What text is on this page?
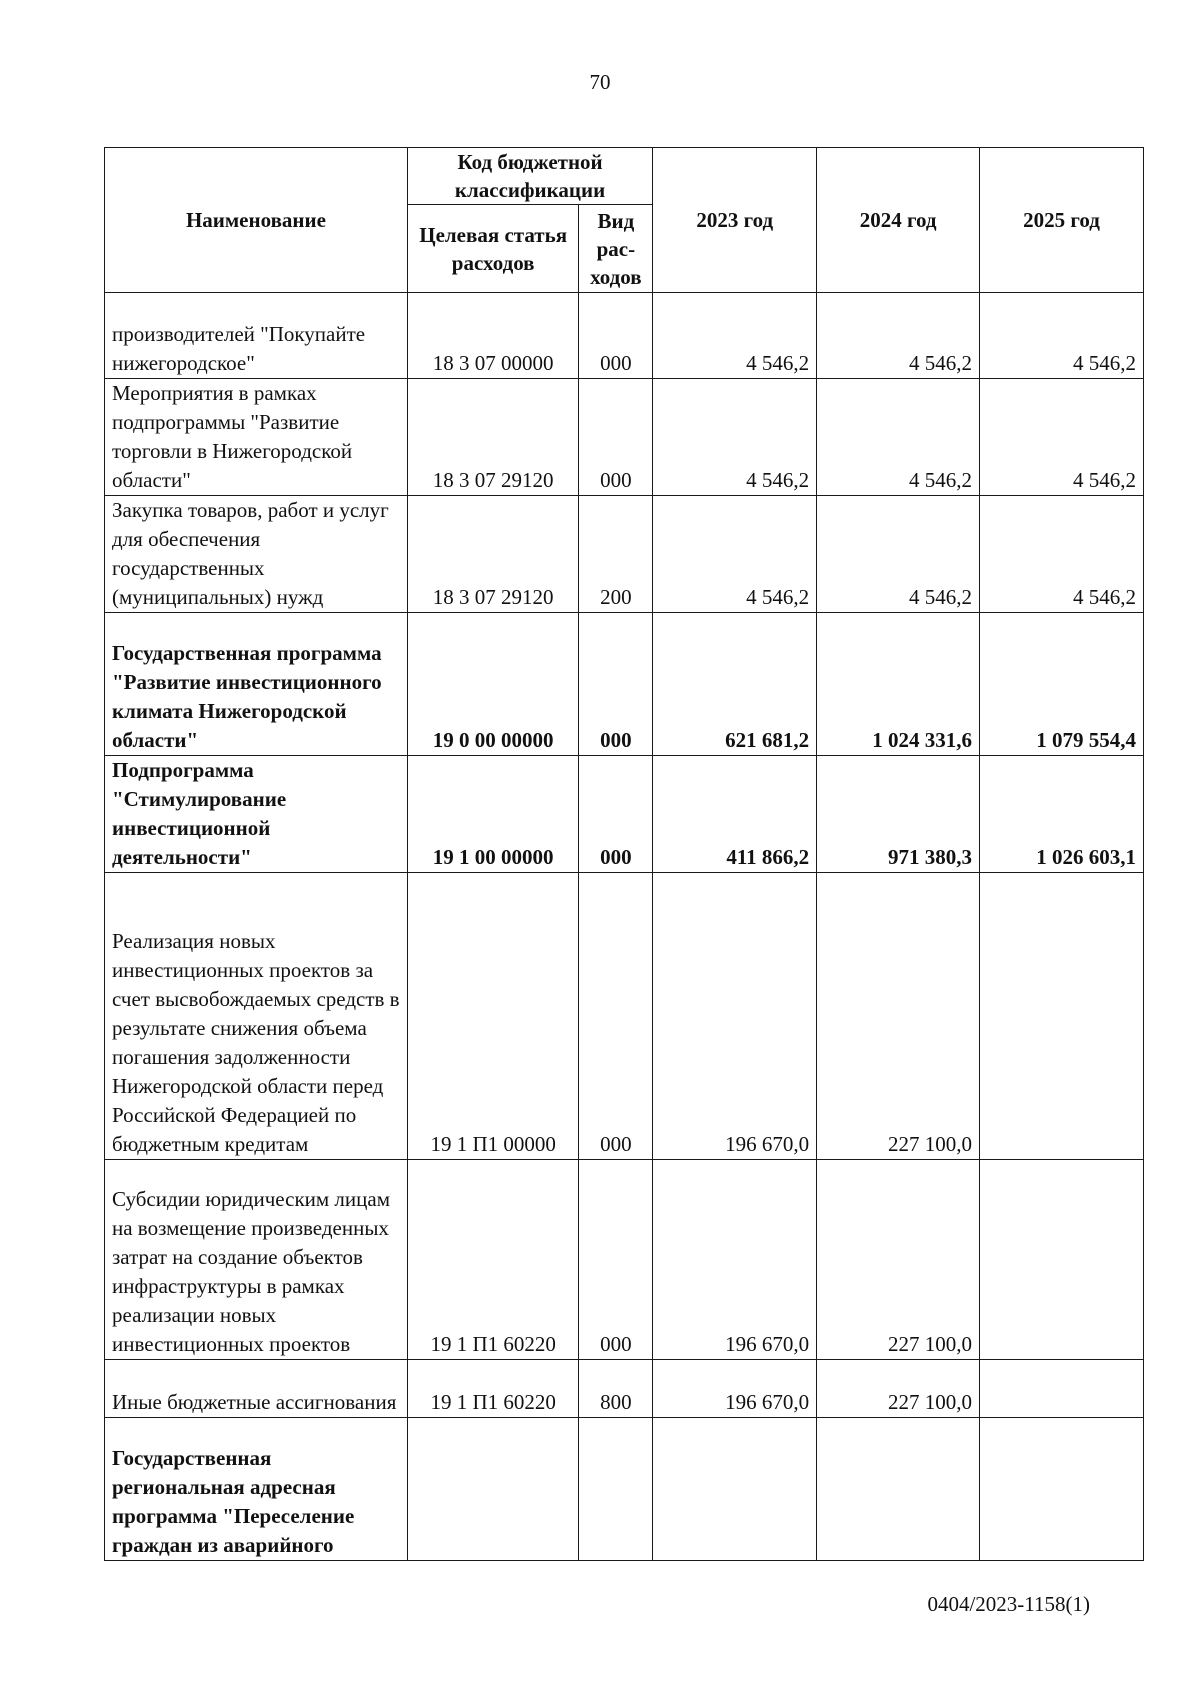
70
Наименование	Код бюджетной классификации		2023 год	2024 год	2025 год
	Целевая статья расходов	Вид рас-ходов			
производителей "Покупайте нижегородское"	18 3 07 00000	000	4 546,2	4 546,2	4 546,2
Мероприятия в рамках подпрограммы "Развитие торговли в Нижегородской области"	18 3 07 29120	000	4 546,2	4 546,2	4 546,2
Закупка товаров, работ и услуг для обеспечения государственных (муниципальных) нужд	18 3 07 29120	200	4 546,2	4 546,2	4 546,2
Государственная программа "Развитие инвестиционного климата Нижегородской области"	19 0 00 00000	000	621 681,2	1 024 331,6	1 079 554,4
Подпрограмма "Стимулирование инвестиционной деятельности"	19 1 00 00000	000	411 866,2	971 380,3	1 026 603,1
Реализация новых инвестиционных проектов за счет высвобождаемых средств в результате снижения объема погашения задолженности Нижегородской области перед Российской Федерацией по бюджетным кредитам	19 1 П1 00000	000	196 670,0	227 100,0	
Субсидии юридическим лицам на возмещение произведенных затрат на создание объектов инфраструктуры в рамках реализации новых инвестиционных проектов	19 1 П1 60220	000	196 670,0	227 100,0	
Иные бюджетные ассигнования	19 1 П1 60220	800	196 670,0	227 100,0	
Государственная региональная адресная программа "Переселение граждан из аварийного					
0404/2023-1158(1)
